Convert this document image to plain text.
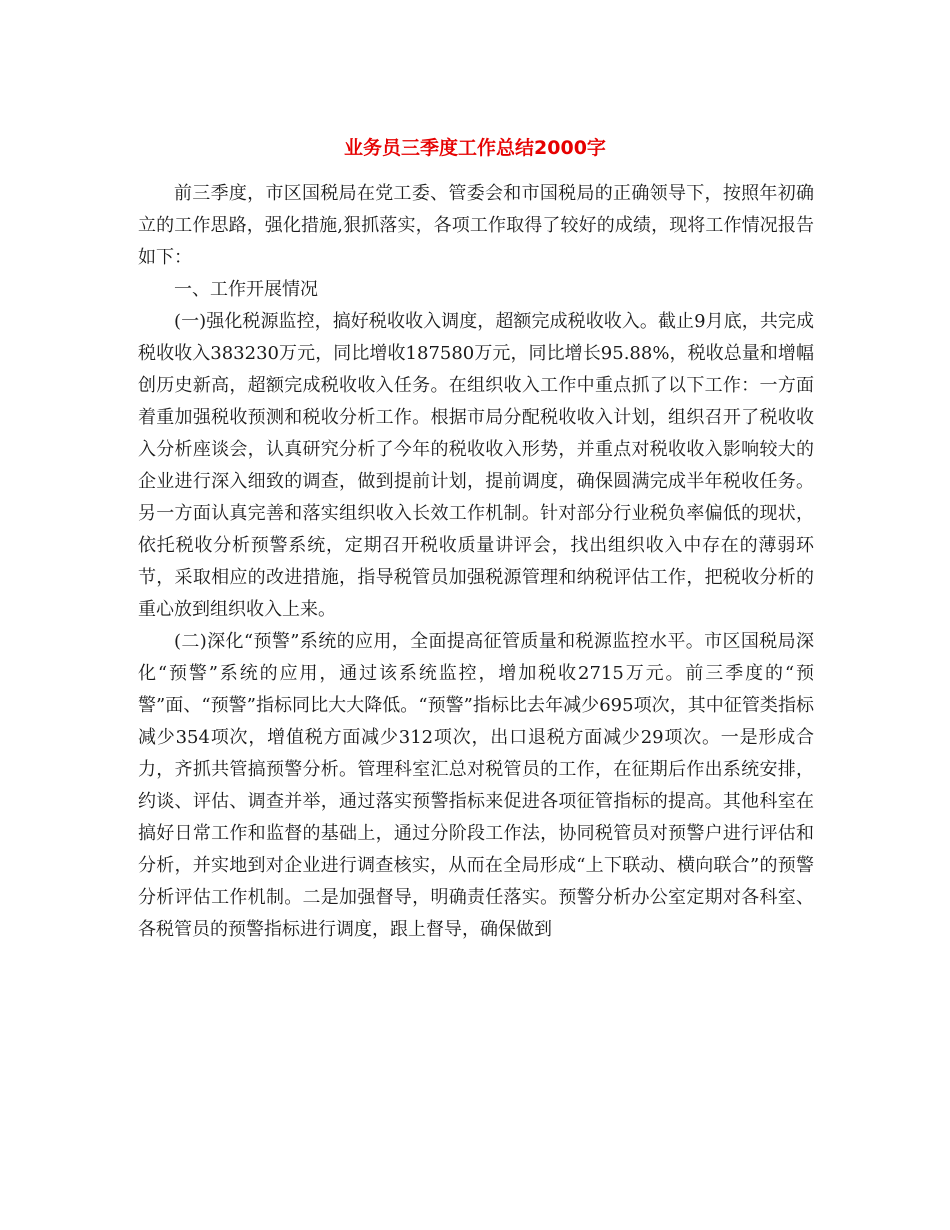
业务员三季度工作总结2000字

前三季度，市区国税局在党工委、管委会和市国税局的正确领导下，按照年初确立的工作思路，强化措施,狠抓落实，各项工作取得了较好的成绩，现将工作情况报告如下：

一、工作开展情况

(一)强化税源监控，搞好税收收入调度，超额完成税收收入。截止9月底，共完成税收收入383230万元，同比增收187580万元，同比增长95.88%，税收总量和增幅创历史新高，超额完成税收收入任务。在组织收入工作中重点抓了以下工作：一方面着重加强税收预测和税收分析工作。根据市局分配税收收入计划，组织召开了税收收入分析座谈会，认真研究分析了今年的税收收入形势，并重点对税收收入影响较大的企业进行深入细致的调查，做到提前计划，提前调度，确保圆满完成半年税收任务。另一方面认真完善和落实组织收入长效工作机制。针对部分行业税负率偏低的现状，依托税收分析预警系统，定期召开税收质量讲评会，找出组织收入中存在的薄弱环节，采取相应的改进措施，指导税管员加强税源管理和纳税评估工作，把税收分析的重心放到组织收入上来。

(二)深化“预警”系统的应用，全面提高征管质量和税源监控水平。市区国税局深化“预警”系统的应用，通过该系统监控，增加税收2715万元。前三季度的“预警”面、“预警”指标同比大大降低。“预警”指标比去年减少695项次，其中征管类指标减少354项次，增值税方面减少312项次，出口退税方面减少29项次。一是形成合力，齐抓共管搞预警分析。管理科室汇总对税管员的工作，在征期后作出系统安排，约谈、评估、调查并举，通过落实预警指标来促进各项征管指标的提高。其他科室在搞好日常工作和监督的基础上，通过分阶段工作法，协同税管员对预警户进行评估和分析，并实地到对企业进行调查核实，从而在全局形成“上下联动、横向联合”的预警分析评估工作机制。二是加强督导，明确责任落实。预警分析办公室定期对各科室、各税管员的预警指标进行调度，跟上督导，确保做到
